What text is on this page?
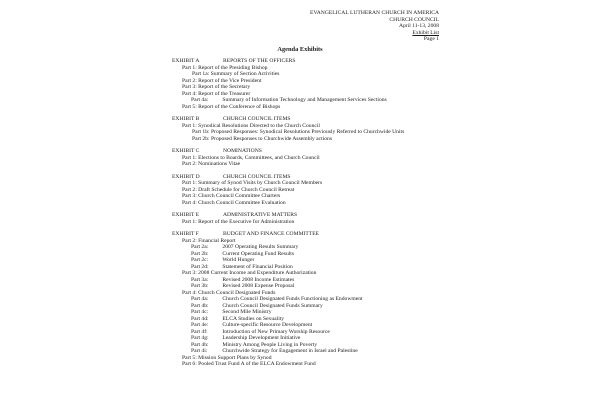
EVANGELICAL LUTHERAN CHURCH IN AMERICA
CHURCH COUNCIL
April 11-13, 2008
Exhibit List
Page 1
Agenda Exhibits
EXHIBIT A	REPORTS OF THE OFFICERS
Part 1: Report of the Presiding Bishop
Part 1a: Summary of Section Activities
Part 2: Report of the Vice President
Part 3: Report of the Secretary
Part 4: Report of the Treasurer
Part 4a:	Summary of Information Technology and Management Services Sections
Part 5: Report of the Conference of Bishops
EXHIBIT B	CHURCH COUNCIL ITEMS
Part 1: Synodical Resolutions Directed to the Church Council
Part 1b: Proposed Responses: Synodical Resolutions Previously Referred to Churchwide Units
Part 2b: Proposed Responses to Churchwide Assembly actions
EXHIBIT C	NOMINATIONS
Part 1: Elections to Boards, Committees, and Church Council
Part 2: Nominations Vitae
EXHIBIT D	CHURCH COUNCIL ITEMS
Part 1: Summary of Synod Visits by Church Council Members
Part 2: Draft Schedule for Church Council Retreat
Part 3: Church Council Committee Charters
Part 4: Church Council Committee Evaluation
EXHIBIT E	ADMINISTRATIVE MATTERS
Part 1: Report of the Executive for Administration
EXHIBIT F	BUDGET AND FINANCE COMMITTEE
Part 2: Financial Report
Part 2a:	2007 Operating Results Summary
Part 2b: Current Operating Fund Results
Part 2c:	World Hunger
Part 2d: Statement of Financial Position
Part 3: 2008 Current Income and Expenditure Authorization
Part 3a:	Revised 2008 Income Estimates
Part 3b: Revised 2008 Expense Proposal
Part 4: Church Council Designated Funds
Part 4a:	Church Council Designated Funds Functioning as Endowment
Part 4b: Church Council Designated Funds Summary
Part 4c:	Second Mile Ministry
Part 4d: ELCA Studies on Sexuality
Part 4e:	Culture-specific Resource Development
Part 4f:	Introduction of New Primary Worship Resource
Part 4g: Leadership Development Initiative
Part 4h: Ministry Among People Living in Poverty
Part 4i:	Churchwide Strategy for Engagement in Israel and Palestine
Part 5: Mission Support Plans by Synod
Part 6: Pooled Trust Fund A of the ELCA Endowment Fund
